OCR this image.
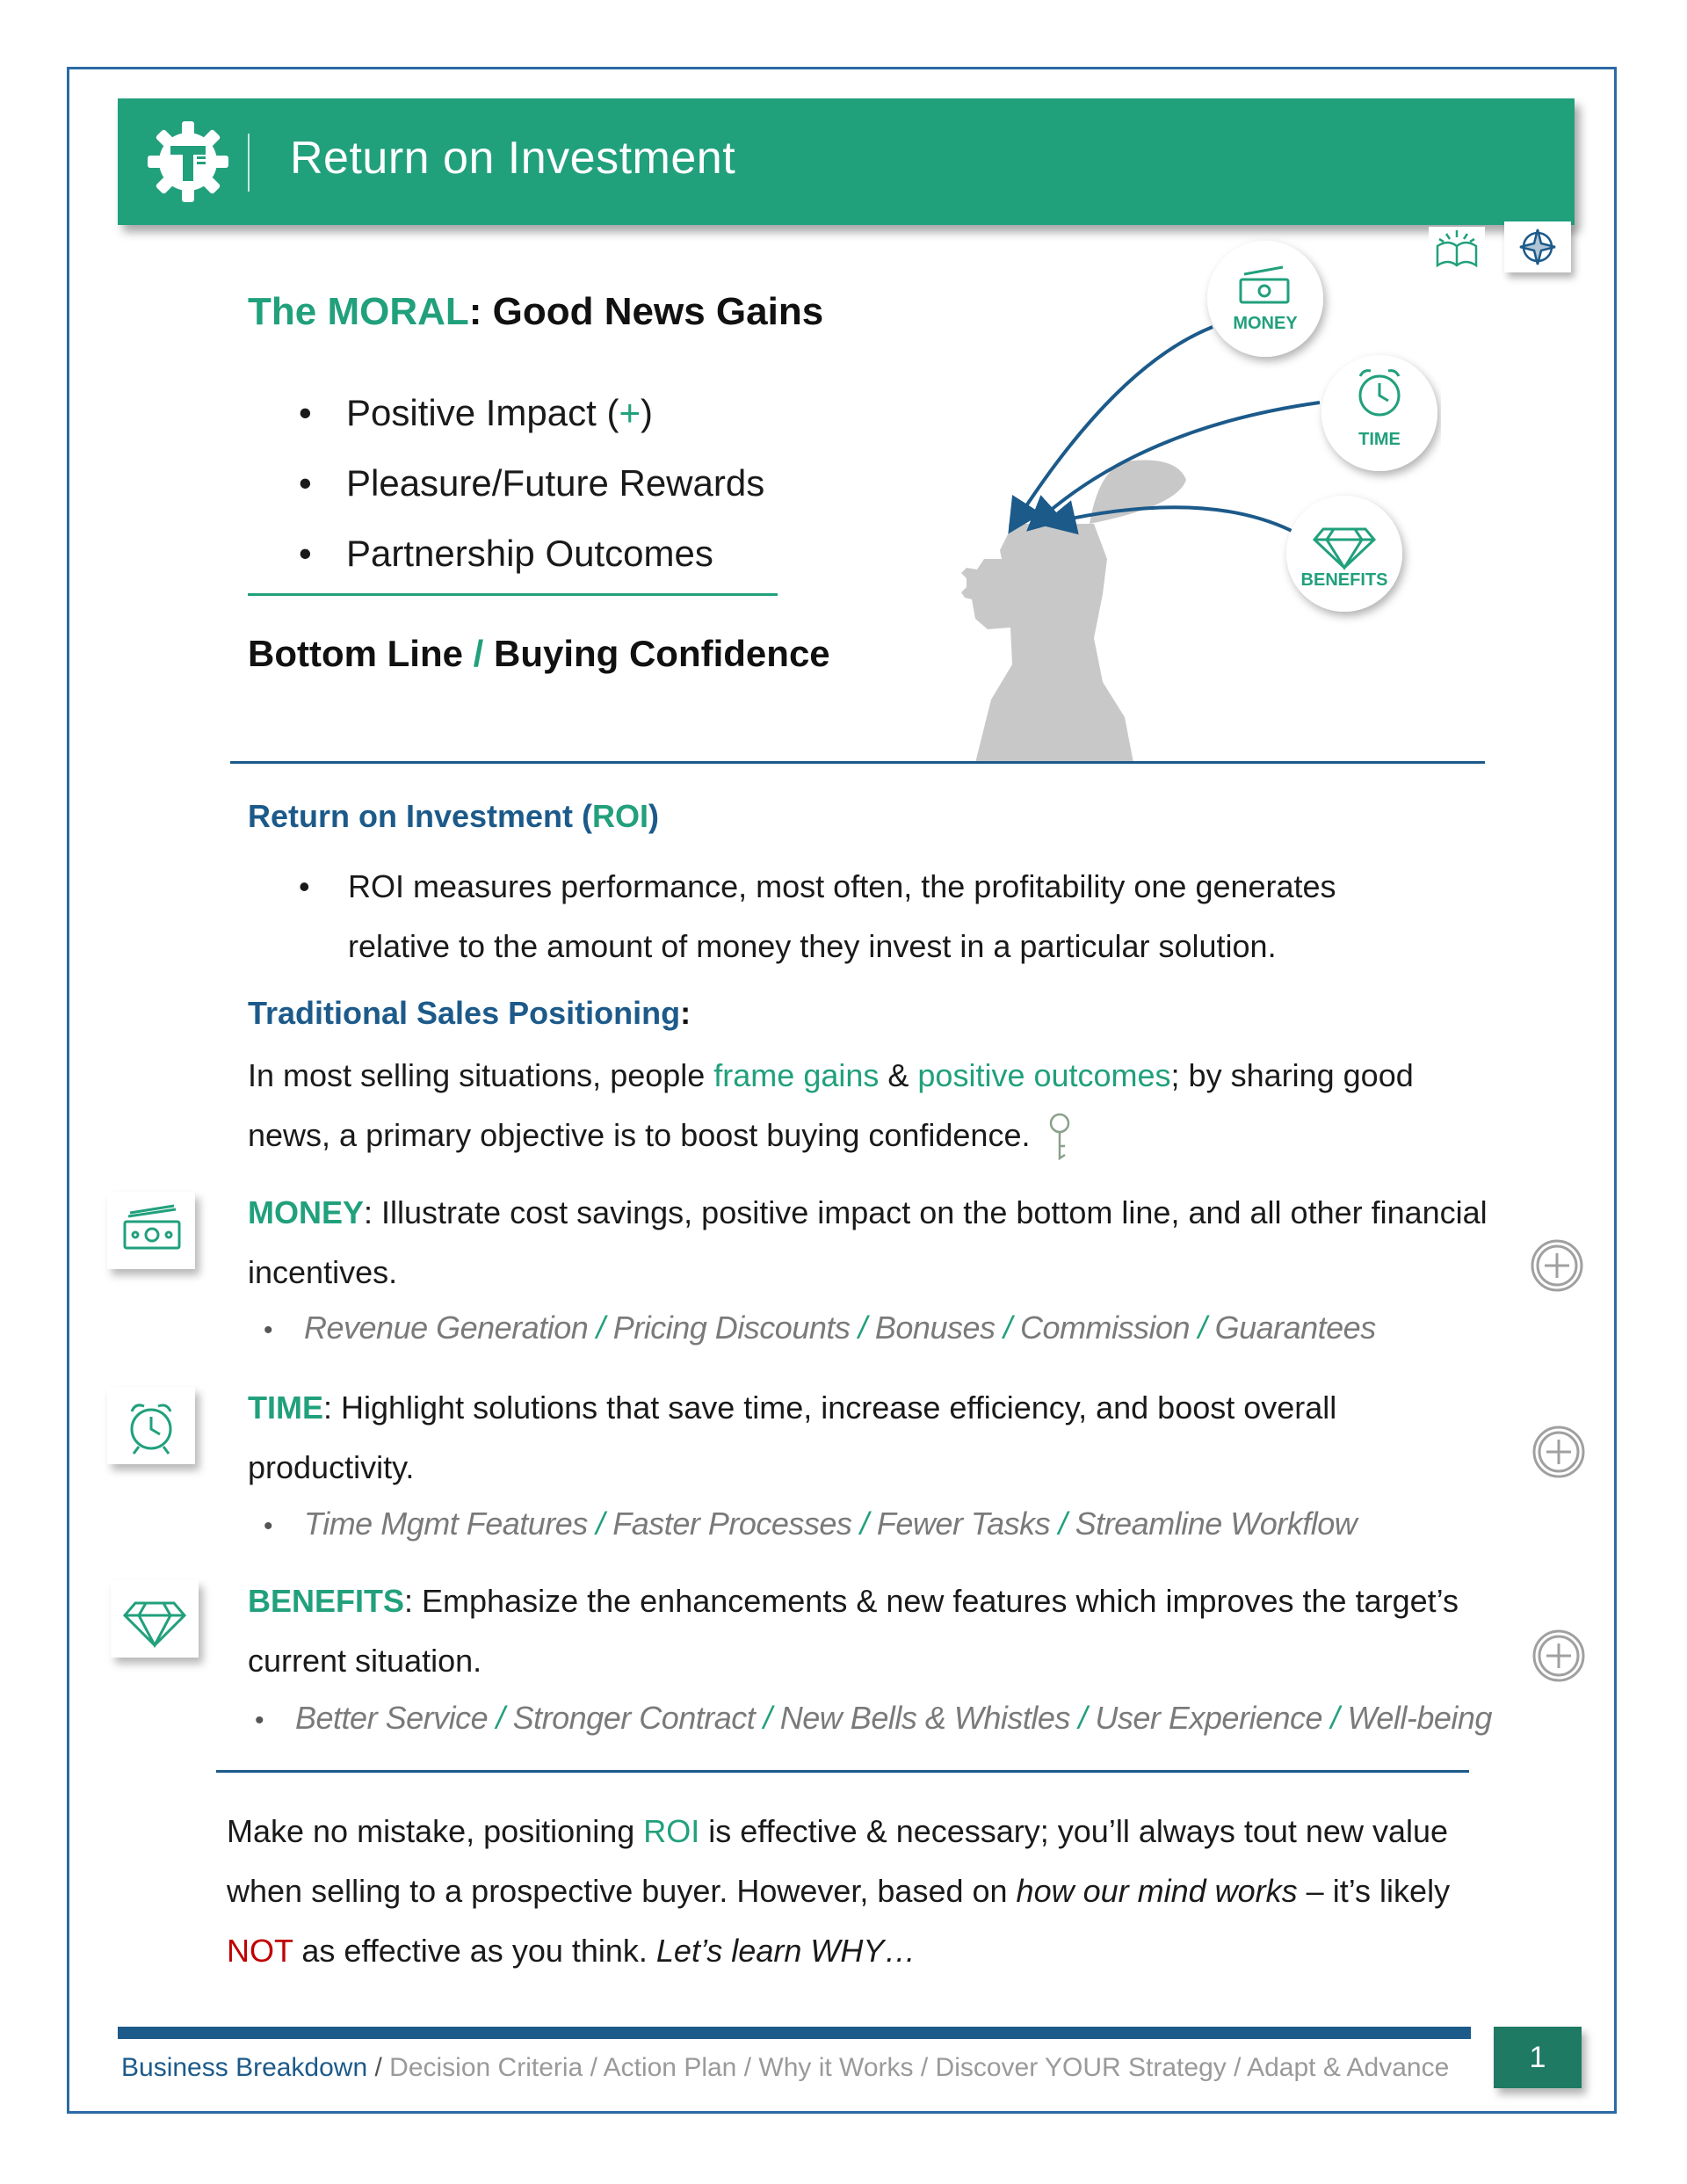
Return on Investment
The MORAL: Good News Gains
• Positive Impact (+)
• Pleasure/Future Rewards
• Partnership Outcomes
Bottom Line / Buying Confidence
MONEY
TIME
BENEFITS
Return on Investment (ROI)
•	ROI measures performance, most often, the profitability one generates
relative to the amount of money they invest in a particular solution.
Traditional Sales Positioning:
In most selling situations, people frame gains & positive outcomes; by sharing good news, a primary objective is to boost buying confidence.
MONEY: Illustrate cost savings, positive impact on the bottom line, and all other financial incentives.
• Revenue Generation / Pricing Discounts / Bonuses / Commission / Guarantees
TIME: Highlight solutions that save time, increase efficiency, and boost overall productivity.
• Time Mgmt Features / Faster Processes / Fewer Tasks / Streamline Workflow
BENEFITS: Emphasize the enhancements & new features which improves the target’s current situation.
• Better Service / Stronger Contract / New Bells & Whistles / User Experience / Well-being
Make no mistake, positioning ROI is effective & necessary; you’ll always tout new value when selling to a prospective buyer. However, based on how our mind works – it’s likely NOT as effective as you think. Let’s learn WHY…
Business Breakdown / Decision Criteria / Action Plan / Why it Works / Discover YOUR Strategy / Adapt & Advance	1
